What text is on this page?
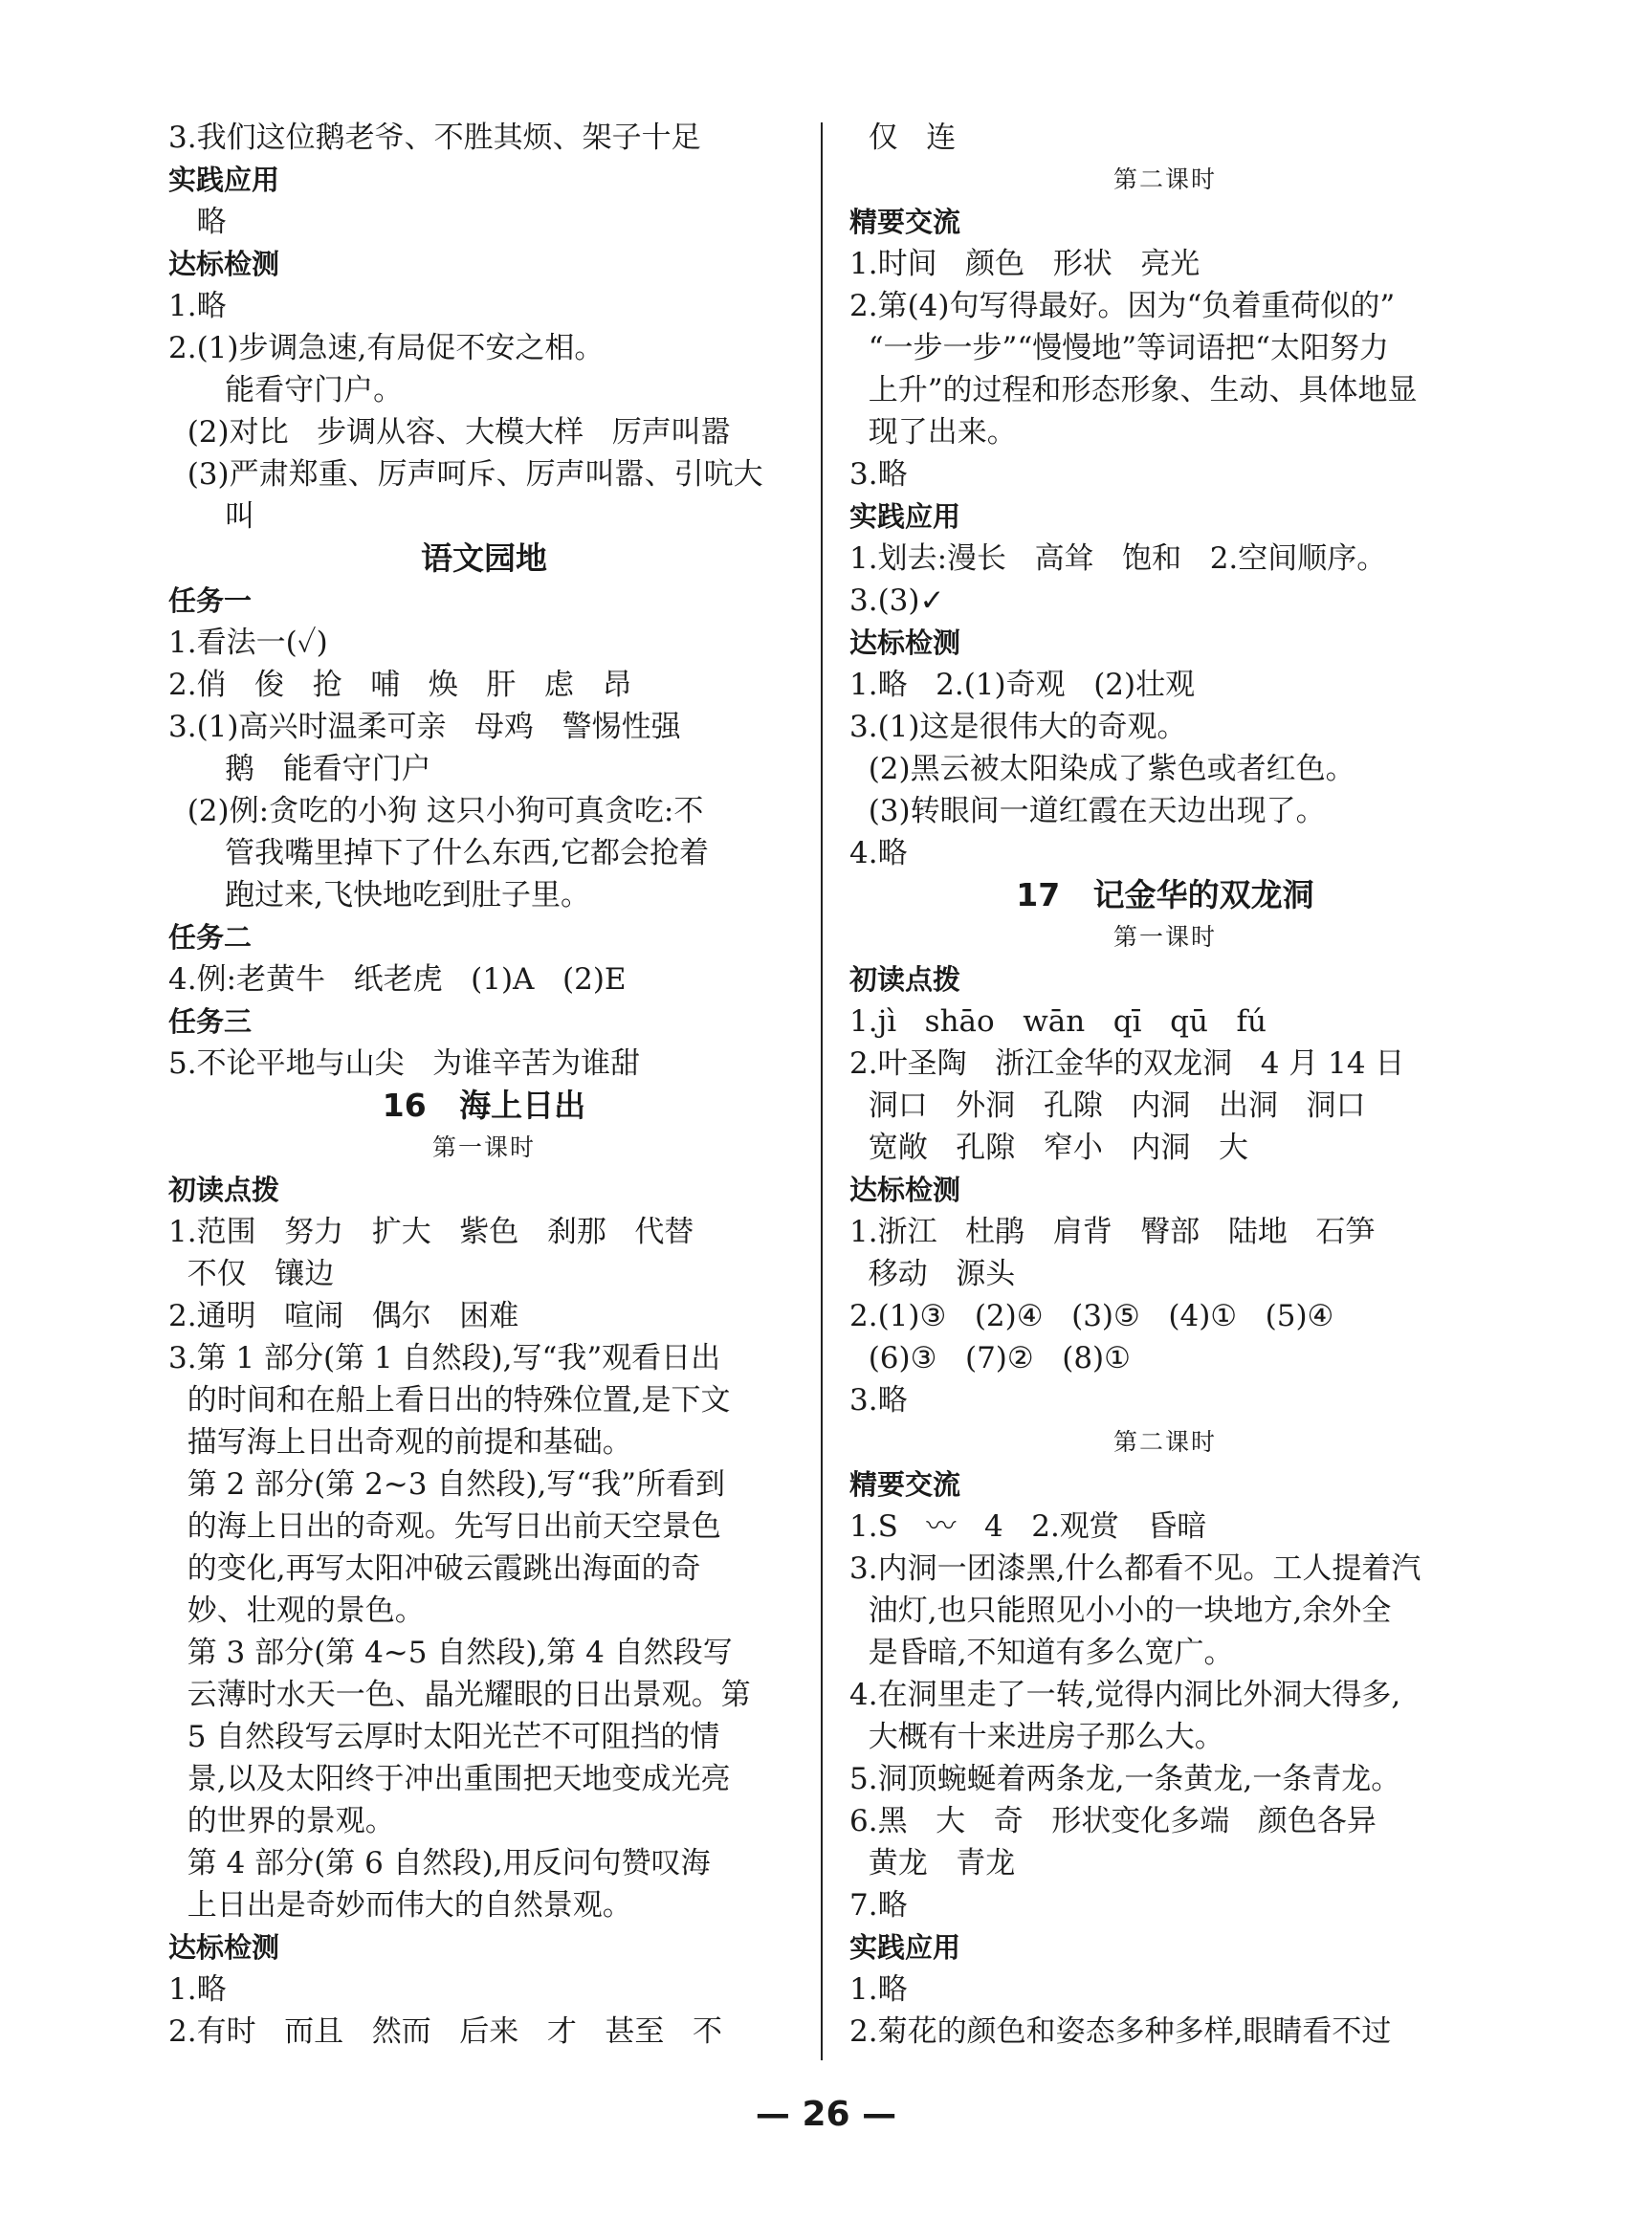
3.我们这位鹅老爷、不胜其烦、架子十足
实践应用
略
达标检测
1.略
2.(1)步调急速,有局促不安之相。
能看守门户。
(2)对比   步调从容、大模大样   厉声叫嚣
(3)严肃郑重、厉声呵斥、厉声叫嚣、引吭大
叫
语文园地
任务一
1.看法一(✓)
2.俏   俊   抢   哺   焕   肝   虑   昂
3.(1)高兴时温柔可亲   母鸡   警惕性强
鹅   能看守门户
(2)例:贪吃的小狗 这只小狗可真贪吃:不
管我嘴里掉下了什么东西,它都会抢着
跑过来,飞快地吃到肚子里。
任务二
4.例:老黄牛   纸老虎   (1)A   (2)E
任务三
5.不论平地与山尖   为谁辛苦为谁甜
16   海上日出
第一课时
初读点拨
1.范围   努力   扩大   紫色   刹那   代替
不仅   镶边
2.通明   喧闹   偶尔   困难
3.第 1 部分(第 1 自然段),写“我”观看日出
的时间和在船上看日出的特殊位置,是下文
描写海上日出奇观的前提和基础。
第 2 部分(第 2~3 自然段),写“我”所看到
的海上日出的奇观。先写日出前天空景色
的变化,再写太阳冲破云霞跳出海面的奇
妙、壮观的景色。
第 3 部分(第 4~5 自然段),第 4 自然段写
云薄时水天一色、晶光耀眼的日出景观。第
5 自然段写云厚时太阳光芒不可阻挡的情
景,以及太阳终于冲出重围把天地变成光亮
的世界的景观。
第 4 部分(第 6 自然段),用反问句赞叹海
上日出是奇妙而伟大的自然景观。
达标检测
1.略
2.有时   而且   然而   后来   才   甚至   不
仅   连
第二课时
精要交流
1.时间   颜色   形状   亮光
2.第(4)句写得最好。因为“负着重荷似的”
“一步一步”“慢慢地”等词语把“太阳努力
上升”的过程和形态形象、生动、具体地显
现了出来。
3.略
实践应用
1.划去:漫长   高耸   饱和   2.空间顺序。
3.(3)✓
达标检测
1.略   2.(1)奇观   (2)壮观
3.(1)这是很伟大的奇观。
(2)黑云被太阳染成了紫色或者红色。
(3)转眼间一道红霞在天边出现了。
4.略
17   记金华的双龙洞
第一课时
初读点拨
1.jì   shāo   wān   qī   qū   fú
2.叶圣陶   浙江金华的双龙洞   4 月 14 日
洞口   外洞   孔隙   内洞   出洞   洞口
宽敞   孔隙   窄小   内洞   大
达标检测
1.浙江   杜鹃   肩背   臀部   陆地   石笋
移动   源头
2.(1)③   (2)④   (3)⑤   (4)①   (5)④
(6)③   (7)②   (8)①
3.略
第二课时
精要交流
1.S   〰   4   2.观赏   昏暗
3.内洞一团漆黑,什么都看不见。工人提着汽
油灯,也只能照见小小的一块地方,余外全
是昏暗,不知道有多么宽广。
4.在洞里走了一转,觉得内洞比外洞大得多,
大概有十来进房子那么大。
5.洞顶蜿蜒着两条龙,一条黄龙,一条青龙。
6.黑   大   奇   形状变化多端   颜色各异
黄龙   青龙
7.略
实践应用
1.略
2.菊花的颜色和姿态多种多样,眼睛看不过
— 26 —
